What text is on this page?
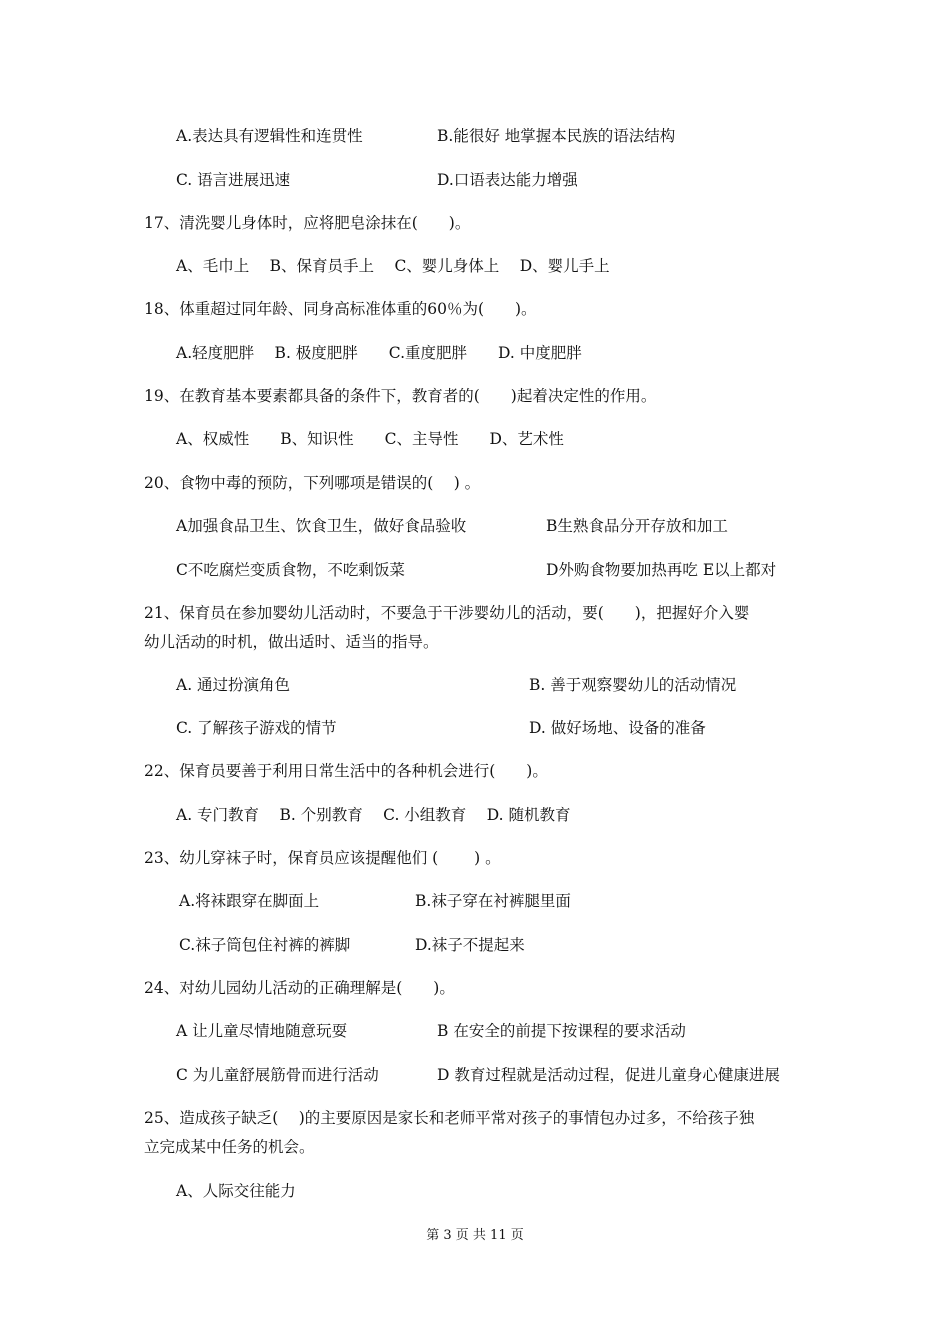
A.表达具有逻辑性和连贯性	B.能很好 地掌握本民族的语法结构
C. 语言进展迅速	D.口语表达能力增强
17、清洗婴儿身体时，应将肥皂涂抹在(　　)。
A、毛巾上　 B、保育员手上　 C、婴儿身体上　 D、婴儿手上
18、体重超过同年龄、同身高标准体重的60％为(　　)。
A.轻度肥胖　 B. 极度肥胖　　C.重度肥胖　　D. 中度肥胖
19、在教育基本要素都具备的条件下，教育者的(　　)起着决定性的作用。
A、权威性　　B、知识性　　C、主导性　　D、艺术性
20、食物中毒的预防，下列哪项是错误的(　 ) 。
A加强食品卫生、饮食卫生，做好食品验收	B生熟食品分开存放和加工
C不吃腐烂变质食物，不吃剩饭菜	D外购食物要加热再吃 E以上都对
21、保育员在参加婴幼儿活动时，不要急于干涉婴幼儿的活动，要(　　)，把握好介入婴
幼儿活动的时机，做出适时、适当的指导。
A. 通过扮演角色	B. 善于观察婴幼儿的活动情况
C. 了解孩子游戏的情节	D. 做好场地、设备的准备
22、保育员要善于利用日常生活中的各种机会进行(　　)。
A. 专门教育　 B. 个别教育　 C. 小组教育　 D. 随机教育
23、幼儿穿袜子时，保育员应该提醒他们 (　　 ) 。
A.将袜跟穿在脚面上	B.袜子穿在衬裤腿里面
C.袜子筒包住衬裤的裤脚	D.袜子不提起来
24、对幼儿园幼儿活动的正确理解是(　　)。
A 让儿童尽情地随意玩耍	B 在安全的前提下按课程的要求活动
C 为儿童舒展筋骨而进行活动	D 教育过程就是活动过程，促进儿童身心健康进展
25、造成孩子缺乏(　 )的主要原因是家长和老师平常对孩子的事情包办过多，不给孩子独
立完成某中任务的机会。
A、人际交往能力
第 3 页 共 11 页
